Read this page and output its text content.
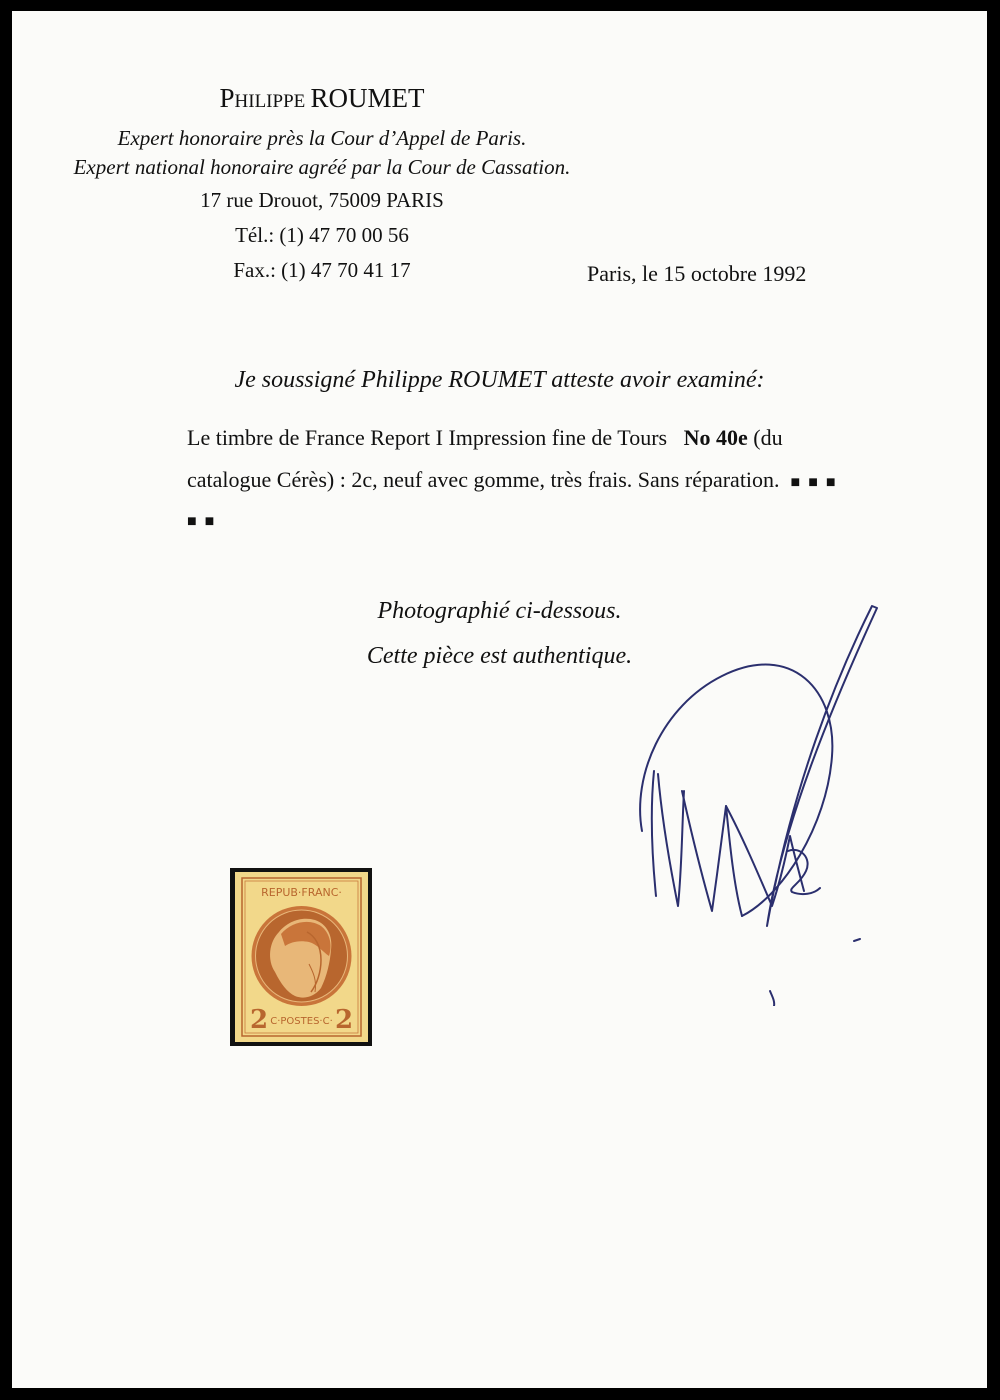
Philippe ROUMET
Expert honoraire près la Cour d’Appel de Paris.
Expert national honoraire agréé par la Cour de Cassation.
17 rue Drouot, 75009 PARIS
Tél.: (1) 47 70 00 56
Fax.: (1) 47 70 41 17	Paris, le 15 octobre 1992
Je soussigné Philippe ROUMET atteste avoir examiné:
Le timbre de France Report I Impression fine de Tours No 40e (du
catalogue Cérès) : 2c, neuf avec gomme, très frais. Sans réparation. ■ ■ ■
■ ■
Photographié ci-dessous.
Cette pièce est authentique.
REPUB·FRANC·
2	2
C·POSTES·C·
